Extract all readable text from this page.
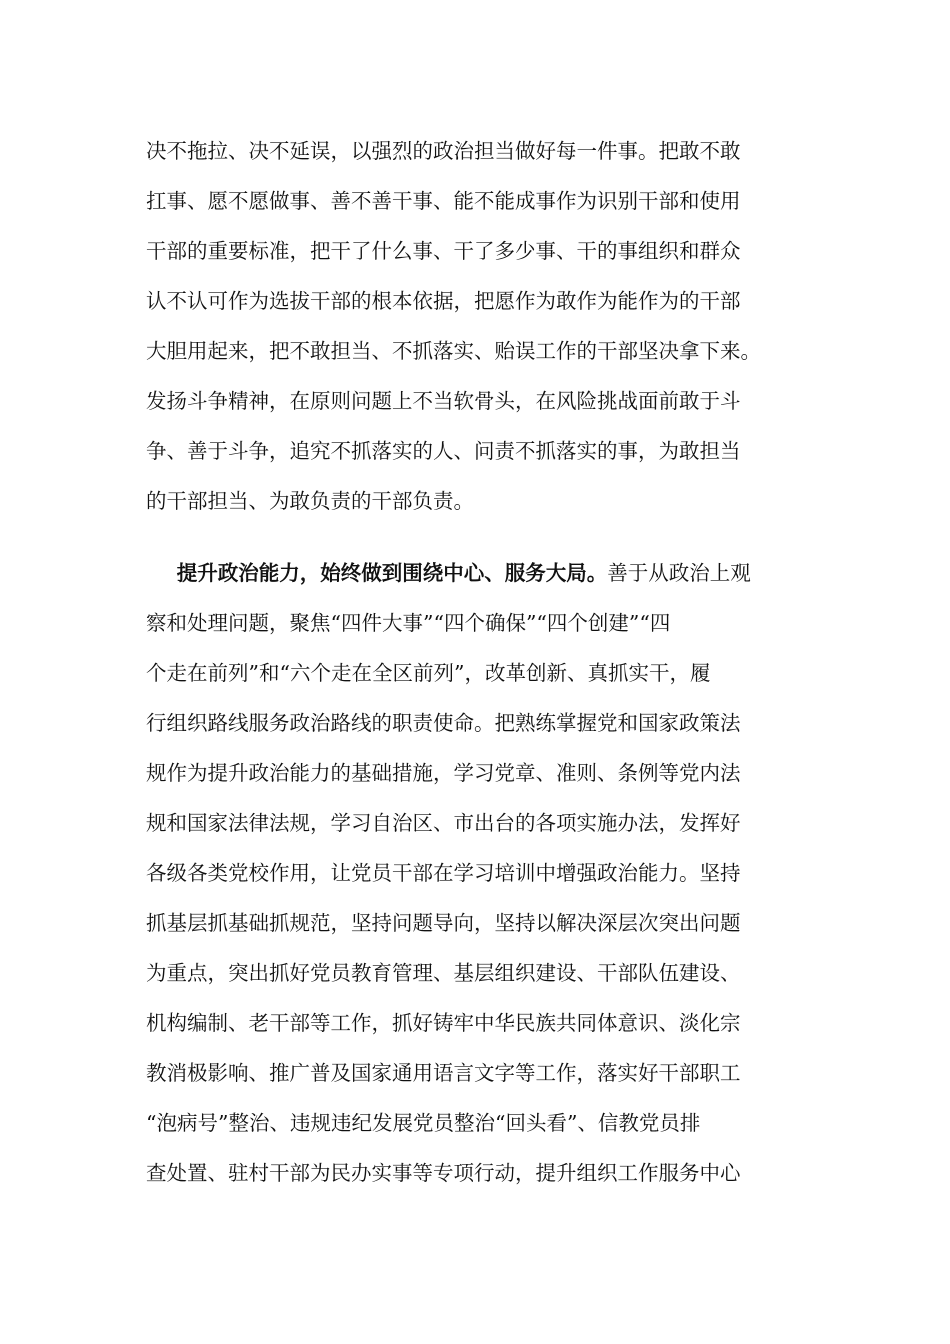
决不拖拉、决不延误，以强烈的政治担当做好每一件事。把敢不敢
扛事、愿不愿做事、善不善干事、能不能成事作为识别干部和使用
干部的重要标准，把干了什么事、干了多少事、干的事组织和群众
认不认可作为选拔干部的根本依据，把愿作为敢作为能作为的干部
大胆用起来，把不敢担当、不抓落实、贻误工作的干部坚决拿下来。
发扬斗争精神，在原则问题上不当软骨头，在风险挑战面前敢于斗
争、善于斗争，追究不抓落实的人、问责不抓落实的事，为敢担当
的干部担当、为敢负责的干部负责。
  提升政治能力，始终做到围绕中心、服务大局。善于从政治上观
察和处理问题，聚焦“四件大事”“四个确保”“四个创建”“四
个走在前列”和“六个走在全区前列”，改革创新、真抓实干，履
行组织路线服务政治路线的职责使命。把熟练掌握党和国家政策法
规作为提升政治能力的基础措施，学习党章、准则、条例等党内法
规和国家法律法规，学习自治区、市出台的各项实施办法，发挥好
各级各类党校作用，让党员干部在学习培训中增强政治能力。坚持
抓基层抓基础抓规范，坚持问题导向，坚持以解决深层次突出问题
为重点，突出抓好党员教育管理、基层组织建设、干部队伍建设、
机构编制、老干部等工作，抓好铸牢中华民族共同体意识、淡化宗
教消极影响、推广普及国家通用语言文字等工作，落实好干部职工
“泡病号”整治、违规违纪发展党员整治“回头看”、信教党员排
查处置、驻村干部为民办实事等专项行动，提升组织工作服务中心
